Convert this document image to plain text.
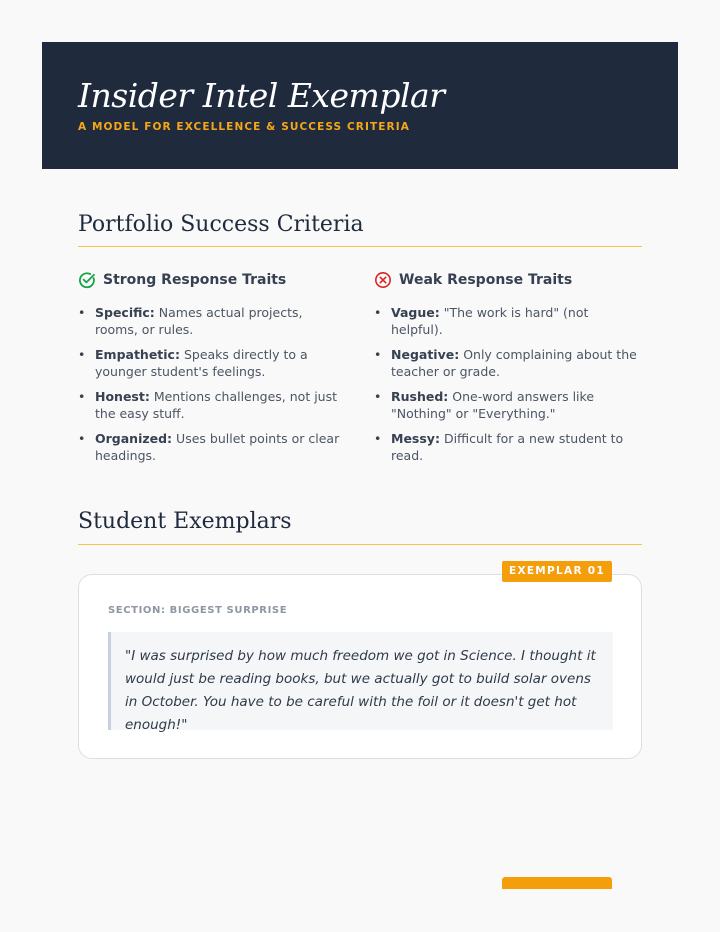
Insider Intel Exemplar
A MODEL FOR EXCELLENCE & SUCCESS CRITERIA
Portfolio Success Criteria
Strong Response Traits
• Specific: Names actual projects, rooms, or rules.
• Empathetic: Speaks directly to a younger student's feelings.
• Honest: Mentions challenges, not just the easy stuff.
• Organized: Uses bullet points or clear headings.
Weak Response Traits
• Vague: "The work is hard" (not helpful).
• Negative: Only complaining about the teacher or grade.
• Rushed: One-word answers like "Nothing" or "Everything."
• Messy: Difficult for a new student to read.
Student Exemplars
SECTION: BIGGEST SURPRISE
"I was surprised by how much freedom we got in Science. I thought it would just be reading books, but we actually got to build solar ovens in October. You have to be careful with the foil or it doesn't get hot enough!"
EXEMPLAR 01
